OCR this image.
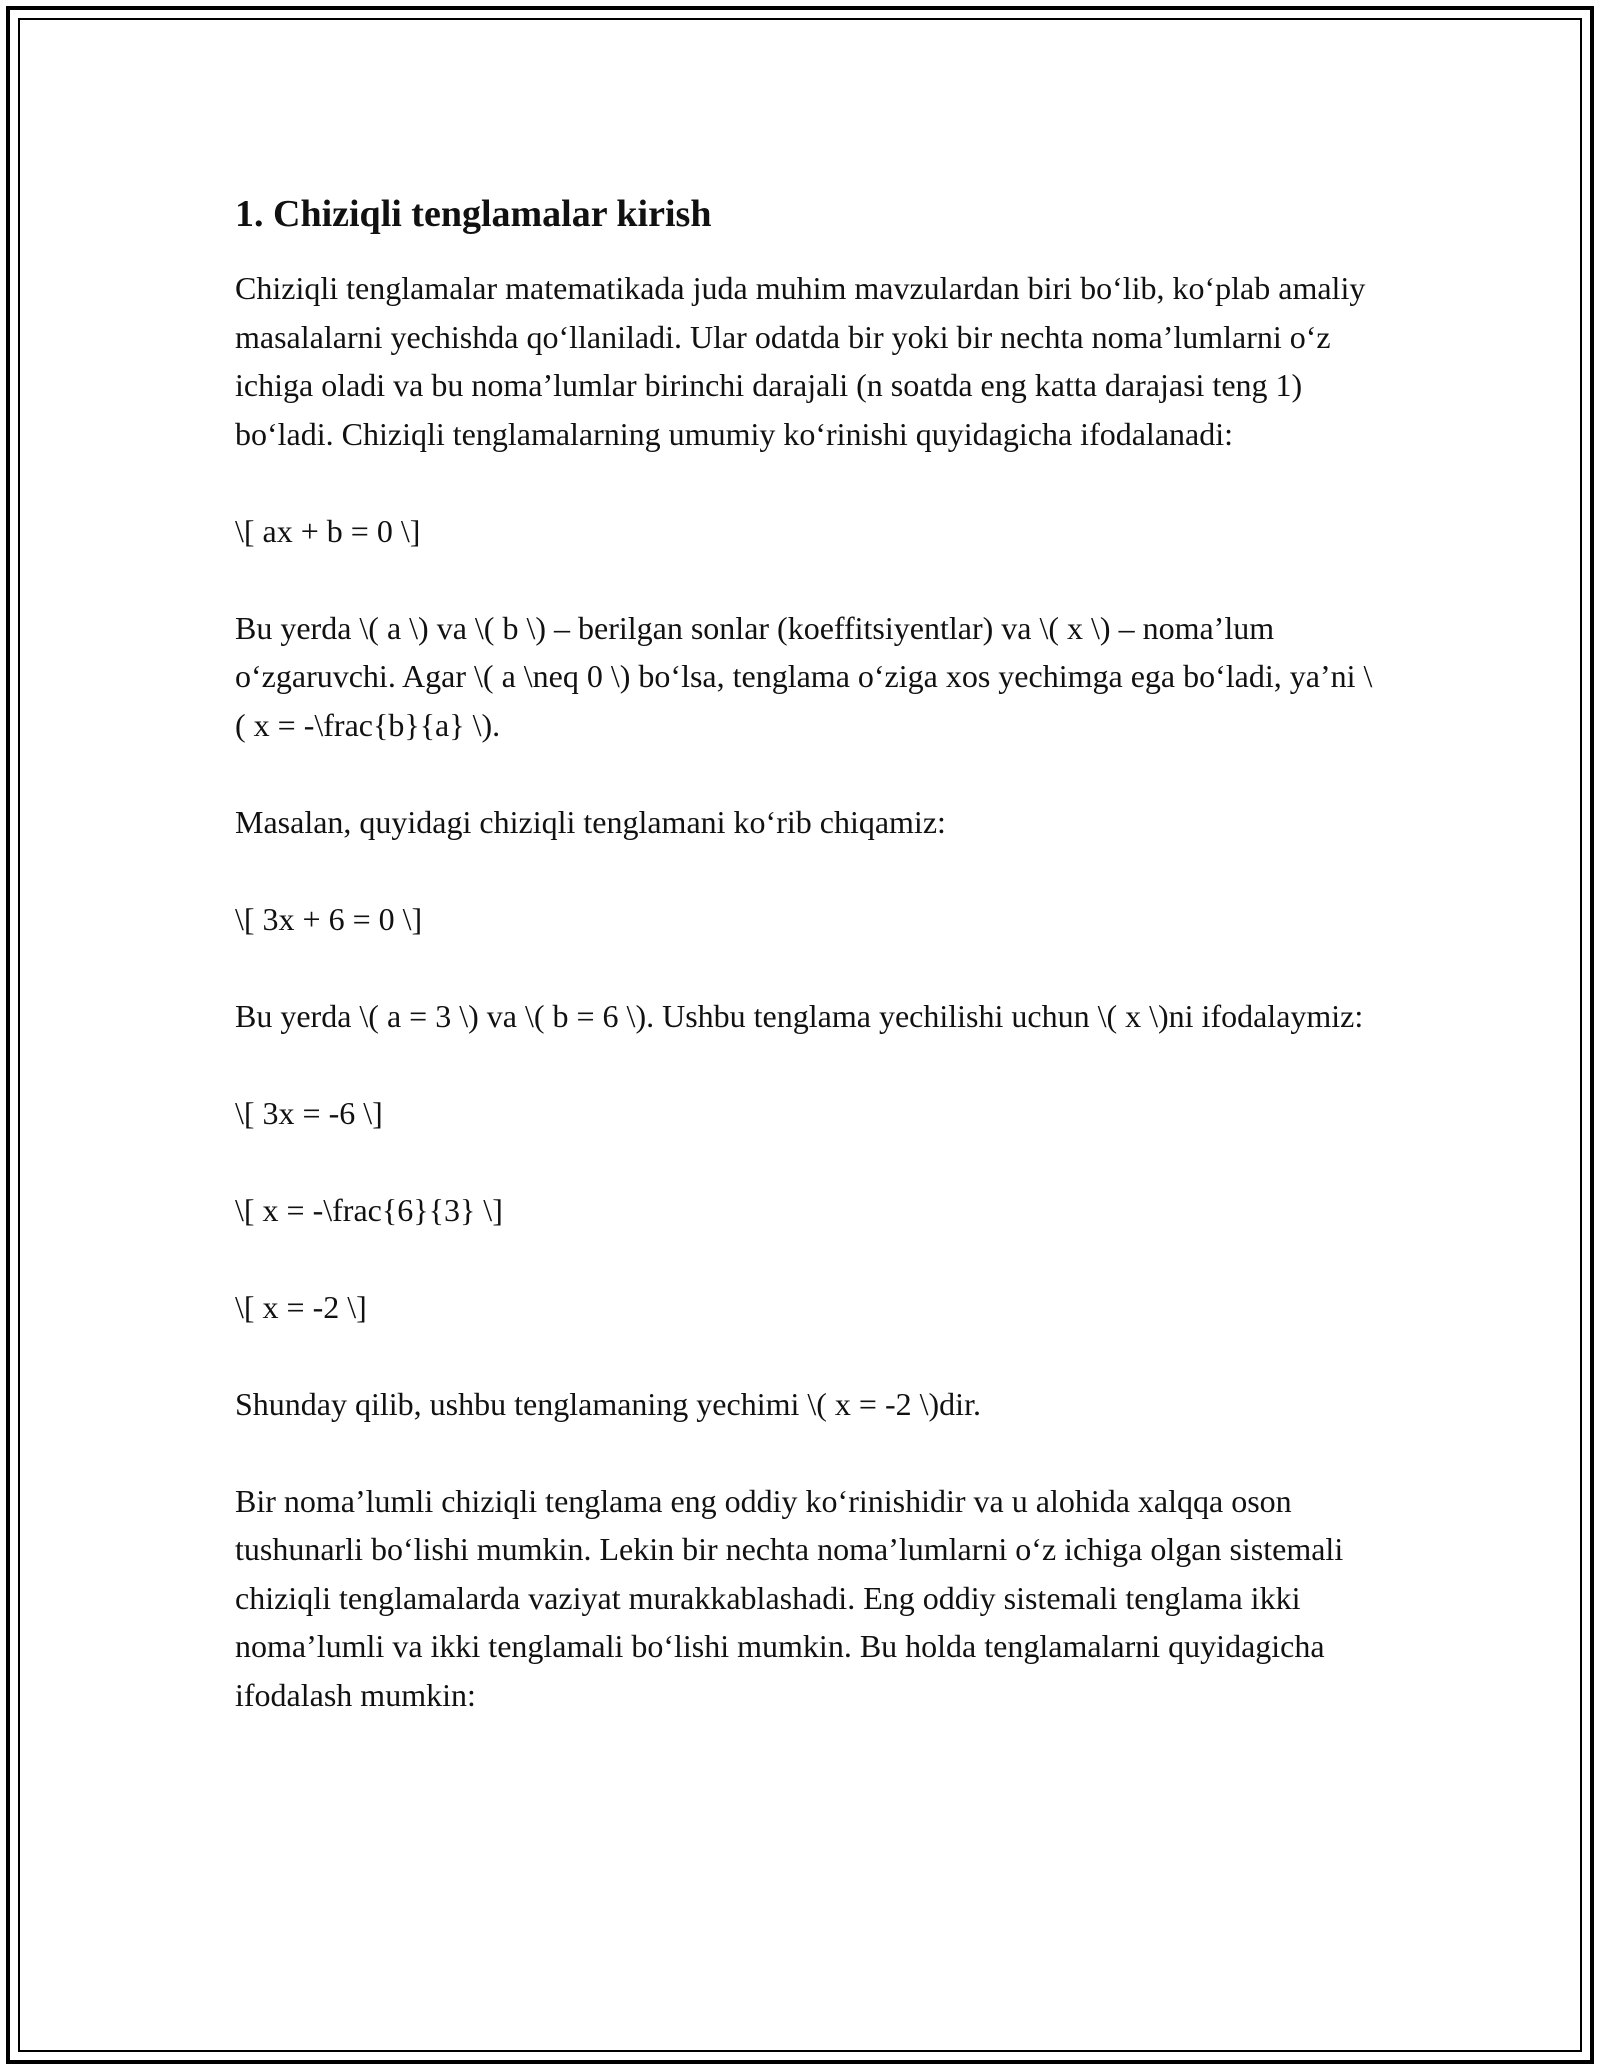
1. Chiziqli tenglamalar kirish

Chiziqli tenglamalar matematikada juda muhim mavzulardan biri bo‘lib, ko‘plab amaliy masalalarni yechishda qo‘llaniladi. Ular odatda bir yoki bir nechta noma’lumlarni o‘z ichiga oladi va bu noma’lumlar birinchi darajali (n soatda eng katta darajasi teng 1) bo‘ladi. Chiziqli tenglamalarning umumiy ko‘rinishi quyidagicha ifodalanadi:

\[ ax + b = 0 \]

Bu yerda \( a \) va \( b \) – berilgan sonlar (koeffitsiyentlar) va \( x \) – noma’lum o‘zgaruvchi. Agar \( a \neq 0 \) bo‘lsa, tenglama o‘ziga xos yechimga ega bo‘ladi, ya’ni \( x = -\frac{b}{a} \).

Masalan, quyidagi chiziqli tenglamani ko‘rib chiqamiz:

\[ 3x + 6 = 0 \]

Bu yerda \( a = 3 \) va \( b = 6 \). Ushbu tenglama yechilishi uchun \( x \)ni ifodalaymiz:

\[ 3x = -6 \]

\[ x = -\frac{6}{3} \]

\[ x = -2 \]

Shunday qilib, ushbu tenglamaning yechimi \( x = -2 \)dir.

Bir noma’lumli chiziqli tenglama eng oddiy ko‘rinishidir va u alohida xalqqa oson tushunarli bo‘lishi mumkin. Lekin bir nechta noma’lumlarni o‘z ichiga olgan sistemali chiziqli tenglamalarda vaziyat murakkablashadi. Eng oddiy sistemali tenglama ikki noma’lumli va ikki tenglamali bo‘lishi mumkin. Bu holda tenglamalarni quyidagicha ifodalash mumkin:
